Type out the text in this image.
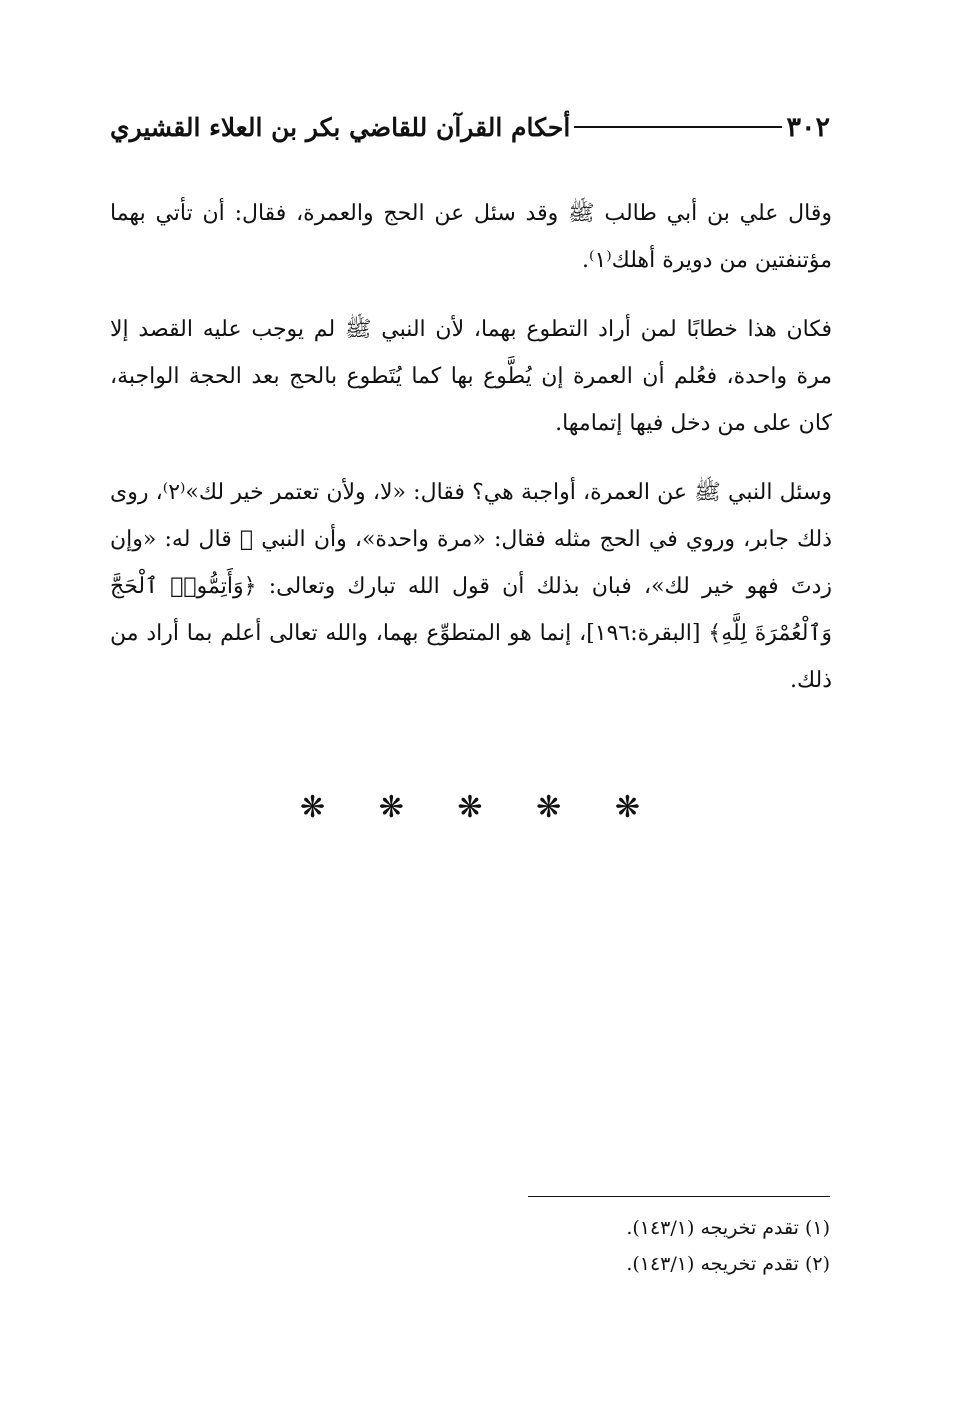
٣٠٢
أحكام القرآن للقاضي بكر بن العلاء القشيري

وقال علي بن أبي طالب ﷺ وقد سئل عن الحج والعمرة، فقال: أن تأتي بهما مؤتنفتين من دويرة أهلك⁽١⁾.

فكان هذا خطابًا لمن أراد التطوع بهما، لأن النبي ﷺ لم يوجب عليه القصد إلا مرة واحدة، فعُلم أن العمرة إن يُطَّوع بها كما يُتَطوع بالحج بعد الحجة الواجبة، كان على من دخل فيها إتمامها.

وسئل النبي ﷺ عن العمرة، أواجبة هي؟ فقال: «لا، ولأن تعتمر خير لك»⁽٢⁾، روى ذلك جابر، وروي في الحج مثله فقال: «مرة واحدة»، وأن النبي ﷺ قال له: «وإن زدتَ فهو خير لك»، فبان بذلك أن قول الله تبارك وتعالى: ﴿وَأَتِمُّوا۟ ٱلْحَجَّ وَٱلْعُمْرَةَ لِلَّهِ﴾ [البقرة:١٩٦]، إنما هو المتطوِّع بهما، والله تعالى أعلم بما أراد من ذلك.

❋ ❋ ❋ ❋ ❋

(١) تقدم تخريجه (١٤٣/١).

(٢) تقدم تخريجه (١٤٣/١).
